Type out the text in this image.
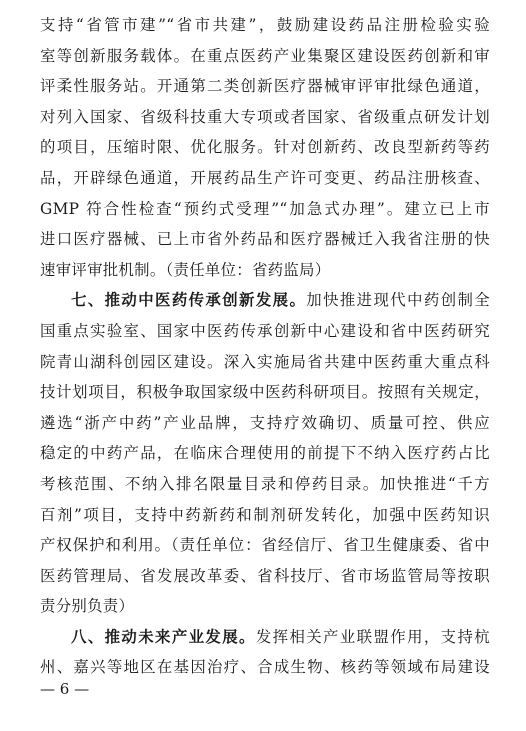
支持“省管市建”“省市共建”，鼓励建设药品注册检验实验
室等创新服务载体。在重点医药产业集聚区建设医药创新和审
评柔性服务站。开通第二类创新医疗器械审评审批绿色通道，
对列入国家、省级科技重大专项或者国家、省级重点研发计划
的项目，压缩时限、优化服务。针对创新药、改良型新药等药
品，开辟绿色通道，开展药品生产许可变更、药品注册核查、
GMP 符合性检查“预约式受理”“加急式办理”。建立已上市
进口医疗器械、已上市省外药品和医疗器械迁入我省注册的快
速审评审批机制。（责任单位：省药监局）
七、推动中医药传承创新发展。加快推进现代中药创制全
国重点实验室、国家中医药传承创新中心建设和省中医药研究
院青山湖科创园区建设。深入实施局省共建中医药重大重点科
技计划项目，积极争取国家级中医药科研项目。按照有关规定，
遴选“浙产中药”产业品牌，支持疗效确切、质量可控、供应
稳定的中药产品，在临床合理使用的前提下不纳入医疗药占比
考核范围、不纳入排名限量目录和停药目录。加快推进“千方
百剂”项目，支持中药新药和制剂研发转化，加强中医药知识
产权保护和利用。（责任单位：省经信厅、省卫生健康委、省中
医药管理局、省发展改革委、省科技厅、省市场监管局等按职
责分别负责）
八、推动未来产业发展。发挥相关产业联盟作用，支持杭
州、嘉兴等地区在基因治疗、合成生物、核药等领域布局建设
— 6 —
